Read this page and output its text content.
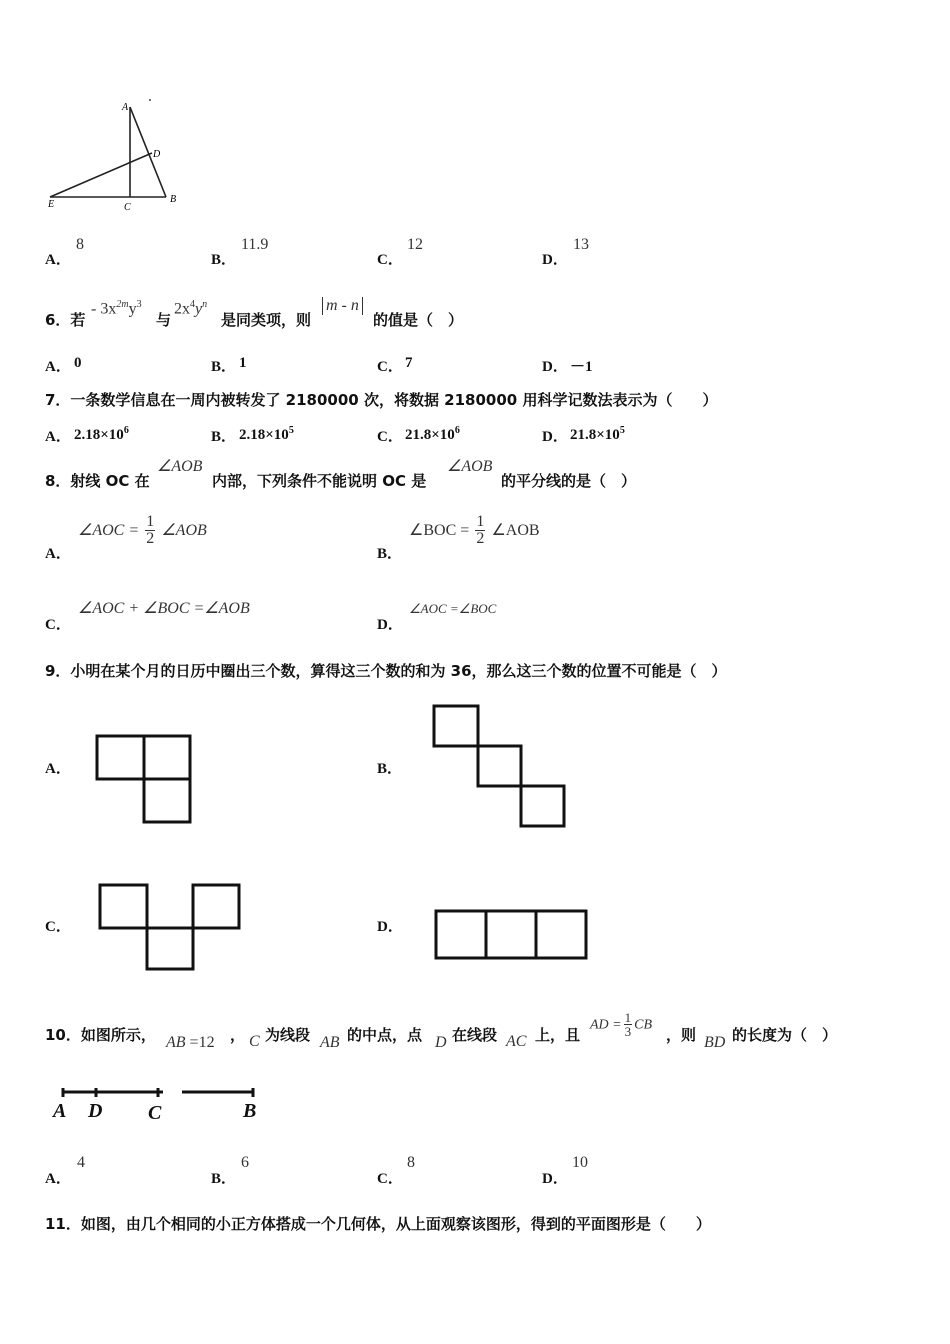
A
D
E	C
B
A．
8
B．
11.9
C．
12
D．
13
6．若
- $3x^{2m}y^3$
与
$2x^4y^n$
是同类项，则
m - n
的值是（　）
A． 0	B． 1	C． 7	D． －1
7．一条数学信息在一周内被转发了 2180000 次，将数据 2180000 用科学记数法表示为（　　）
A． $2.18\times 10^6$	B． $2.18\times 10^5$	C． $21.8\times 10^6$	D． $21.8\times 10^5$
8．射线 OC 在
∠AOB
内部，下列条件不能说明 OC 是
∠AOB
的平分线的是（　）
A．
∠AOC = $\frac{1}{2}$ ∠AOB
B．
∠BOC = $\frac{1}{2}$ ∠AOB
C．
∠AOC + ∠BOC =∠AOB
D．
∠AOC =∠BOC
9．小明在某个月的日历中圈出三个数，算得这三个数的和为 36，那么这三个数的位置不可能是（　）
A．	B．
C．	D．
10．如图所示， AB =12 ， C 为线段 AB 的中点，点 D 在线段 AC 上，且
AD = $\frac{1}{3}$ CB
，则 BD 的长度为（　）
A D C	B
A．
4
B．
6
C．
8
D．
10
11．如图，由几个相同的小正方体搭成一个几何体，从上面观察该图形，得到的平面图形是（　　）
